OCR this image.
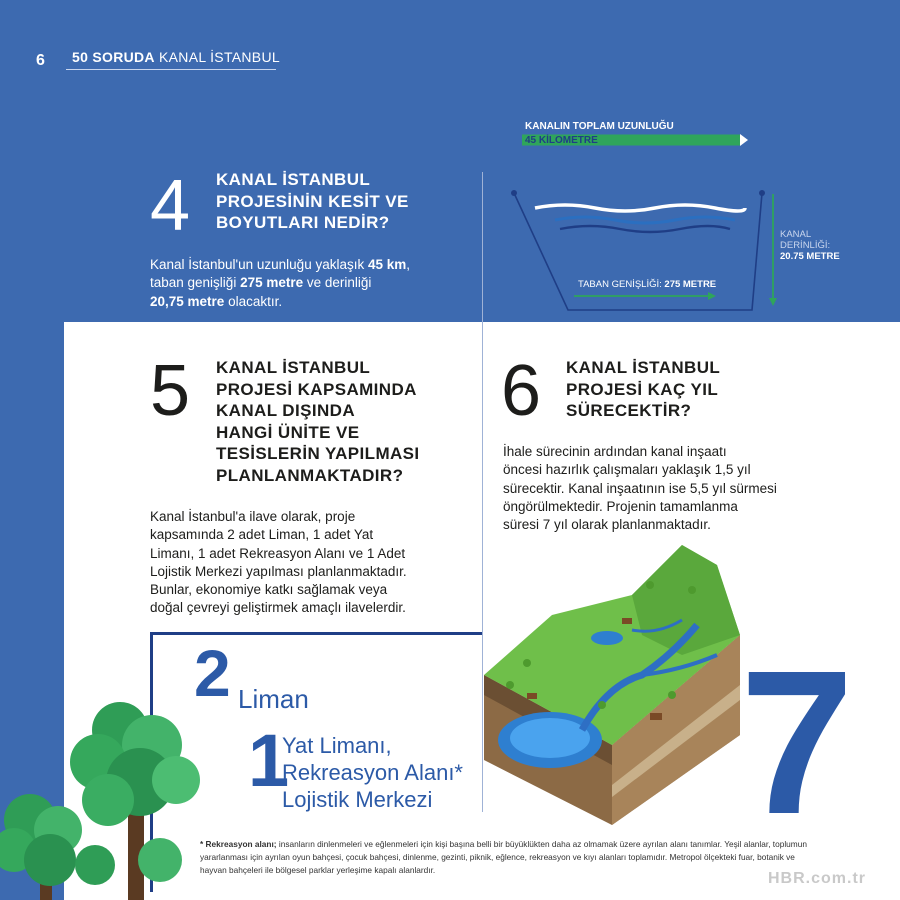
6 50 SORUDA KANAL İSTANBUL
4 KANAL İSTANBUL
PROJESİNİN KESİT VE
BOYUTLARI NEDİR?
Kanal İstanbul'un uzunluğu yaklaşık 45 km,
taban genişliği 275 metre ve derinliği
20,75 metre olacaktır.
KANALIN TOPLAM UZUNLUĞU
45 KİLOMETRE
KANAL
DERİNLİĞİ:
20.75 METRE
TABAN GENİŞLİĞİ: 275 METRE
5 KANAL İSTANBUL
PROJESİ KAPSAMINDA
KANAL DIŞINDA
HANGİ ÜNİTE VE
TESİSLERİN YAPILMASI
PLANLANMAKTADIR?
Kanal İstanbul'a ilave olarak, proje
kapsamında 2 adet Liman, 1 adet Yat
Limanı, 1 adet Rekreasyon Alanı ve 1 Adet
Lojistik Merkezi yapılması planlanmaktadır.
Bunlar, ekonomiye katkı sağlamak veya
doğal çevreyi geliştirmek amaçlı ilavelerdir.
6 KANAL İSTANBUL
PROJESİ KAÇ YIL
SÜRECEKTİR?
İhale sürecinin ardından kanal inşaatı
öncesi hazırlık çalışmaları yaklaşık 1,5 yıl
sürecektir. Kanal inşaatının ise 5,5 yıl sürmesi
öngörülmektedir. Projenin tamamlanma
süresi 7 yıl olarak planlanmaktadır.
2 Liman
1
Yat Limanı,
Rekreasyon Alanı*
Lojistik Merkezi 7
* Rekreasyon alanı; insanların dinlenmeleri ve eğlenmeleri için kişi başına belli bir büyüklükten daha az olmamak üzere ayrılan alanı tanımlar. Yeşil alanlar, toplumun yararlanması için ayrılan oyun bahçesi, çocuk bahçesi, dinlenme, gezinti, piknik, eğlence, rekreasyon ve kıyı alanları toplamıdır. Metropol ölçekteki fuar, botanik ve hayvan bahçeleri ile bölgesel parklar yerleşime kapalı alanlardır.	HBR.com.tr
